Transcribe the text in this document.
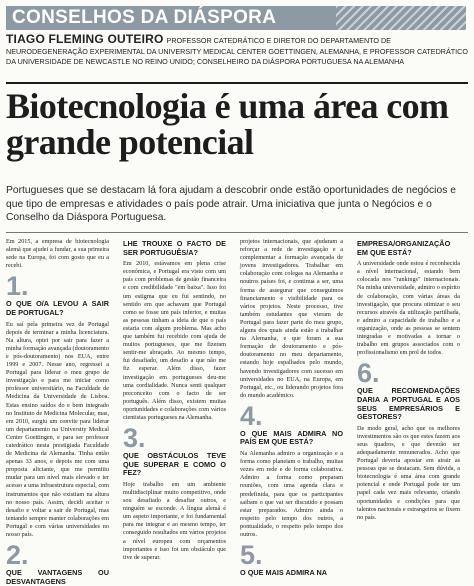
CONSELHOS DA DIÁSPORA
TIAGO FLEMING OUTEIRO PROFESSOR CATEDRÁTICO E DIRETOR DO DEPARTAMENTO DE NEURODEGENERAÇÃO EXPERIMENTAL DA UNIVERSITY MEDICAL CENTER GOETTINGEN, ALEMANHA, E PROFESSOR CATEDRÁTICO DA UNIVERSIDADE DE NEWCASTLE NO REINO UNIDO; CONSELHEIRO DA DIÁSPORA PORTUGUESA NA ALEMANHA
Biotecnologia é uma área com grande potencial

Portugueses que se destacam lá fora ajudam a descobrir onde estão oportunidades de negócios e que tipo de empresas e atividades o país pode atrair. Uma iniciativa que junta o Negócios e o Conselho da Diáspora Portuguesa.

Em 2015, a empresa de biotecnologia alemã que ajudei a fundar, a sua primeira sede na Europa, foi com gosto que eu a recebi.

1.
O QUE O/A LEVOU A SAIR DE PORTUGAL?

Eu saí pela primeira vez de Portugal depois de terminar a minha licenciatura. Na altura, optei por sair para fazer a minha formação avançada (doutoramento e pós-doutoramento) nos EUA, entre 1999 e 2007. Nesse ano, regressei a Portugal para liderar o meu grupo de investigação e para me iniciar como professor universitário, na Faculdade de Medicina da Universidade de Lisboa. Estas ensino saídos do e bem integrado no Instituto de Medicina Molecular, mas, em 2010, surgiu um convite para liderar um departamento na University Medical Center Goettingen, e para ser professor catedrático nesta prestigiada Faculdade de Medicina da Alemanha. Tinha então apenas 33 anos, e depois me com uma proposta aliciante, que me permitiu mudar para um nível mais elevado e ter acesso a uma infraestrutura especial, com instrumentos que não existiam na altura no nosso país. Assim, decidi aceitar o desafio e voltar a sair de Portugal, mas tentando sempre manter colaborações em Portugal e com várias universidades no nosso país.

2.
QUE VANTAGENS OU DESVANTAGENS
LHE TROUXE O FACTO DE SER PORTUGUÊS/A?

Em 2010, estávamos em plena crise económica, e Portugal era visto com um país com problemas de gestão financeira e com credibilidade "em baixa". Isso foi um estigma que eu fui sentindo, no sentido em que achavam que Portugal como se fosse um país inferior, e muitas as pessoas tinham a ideia de que o país estaria com algum problema. Mas acho que também fui recebido com ajuda de muitos portugueses, que me fizeram sentir-me abraçado. Ao mesmo tempo, fui desafiado, um desafio a que não me fiz esperar. Além disso, fazer investigação em portugueses deu-me uma cordialidade. Nunca senti qualquer preconceito com o facto de ser português. Além disso, existem muitas oportunidades e colaborações com vários cientistas portugueses na Alemanha.

3.
QUE OBSTÁCULOS TEVE QUE SUPERAR E COMO O FEZ?

Hoje trabalho em um ambiente multidisciplinar muito competitivo, onde sou desafiado a desafiar outros, e ninguém se esconde. A língua alemã é um aspeto importante, e foi fundamental para me integrar e ao mesmo tempo, ter conseguido resultados em vários projetos a nível europeu com orçamentos importantes e isso foi um obstáculo que tive de superar.

projetos internacionais, que ajudaram a reforçar a rede de investigação e a complementar a formação avançada de jovens investigadores. Trabalhar em colaboração com colegas na Alemanha e noutros países foi, e continua a ser, uma forma de assegurar que conseguimos financiamento e visibilidade para os vários projetos. Neste processo, tive também estudantes que vieram de Portugal para fazer parte do meu grupo, alguns dos quais ainda estão a trabalhar na Alemanha, e que foram a sua formação de doutoramento e pós-doutoramento no meu departamento, estando hoje espalhados pelo mundo, havendo investigadores com sucesso em universidades no EUA, na Europa, em Portugal, etc., ou liderando projetos fora do mundo académico.

4.
O QUE MAIS ADMIRA NO PAÍS EM QUE ESTÁ?

Na Alemanha admiro a organização e a forma como planeiam o trabalho, muitas vezes em rede e de forma colaborativa. Admiro a forma como preparam reuniões, com uma agenda clara e predefinida, para que os participantes saibam o que vai ser discutido e possam estar preparados. Admiro ainda o respeito pelo tempo dos outros, a pontualidade, o respeito pelo tempo dos outros.

5.
O QUE MAIS ADMIRA NA
EMPRESA/ORGANIZAÇÃO EM QUE ESTÁ?

A universidade onde estou é reconhecida a nível internacional, estando bem colocada nos "rankings" internacionais. Na minha universidade, admiro o espírito de colaboração, com várias áreas da investigação, que procura otimizar o seu recursos através da utilização partilhada, e admiro a capacidade de trabalho e a organização, onde as pessoas se sentem integradas e motivadas a tornar o trabalho em grupos associados com o profissionalismo em prol de todos.

6.
QUE RECOMENDAÇÕES DARIA A PORTUGAL E AOS SEUS EMPRESÁRIOS E GESTORES?

De modo geral, acho que os melhores investimentos são os que estes fazem aos seus quadros, e que deverão ser adequadamente remunerados. Acho que Portugal deveria apostar em atrair as pessoas que se destacam. Sem dúvida, a biotecnologia é uma área com grande potencial e onde Portugal pode ter um papel cada vez mais relevante, criando oportunidades e condições para que talentos nacionais e estrangeiros se fixem no país.
